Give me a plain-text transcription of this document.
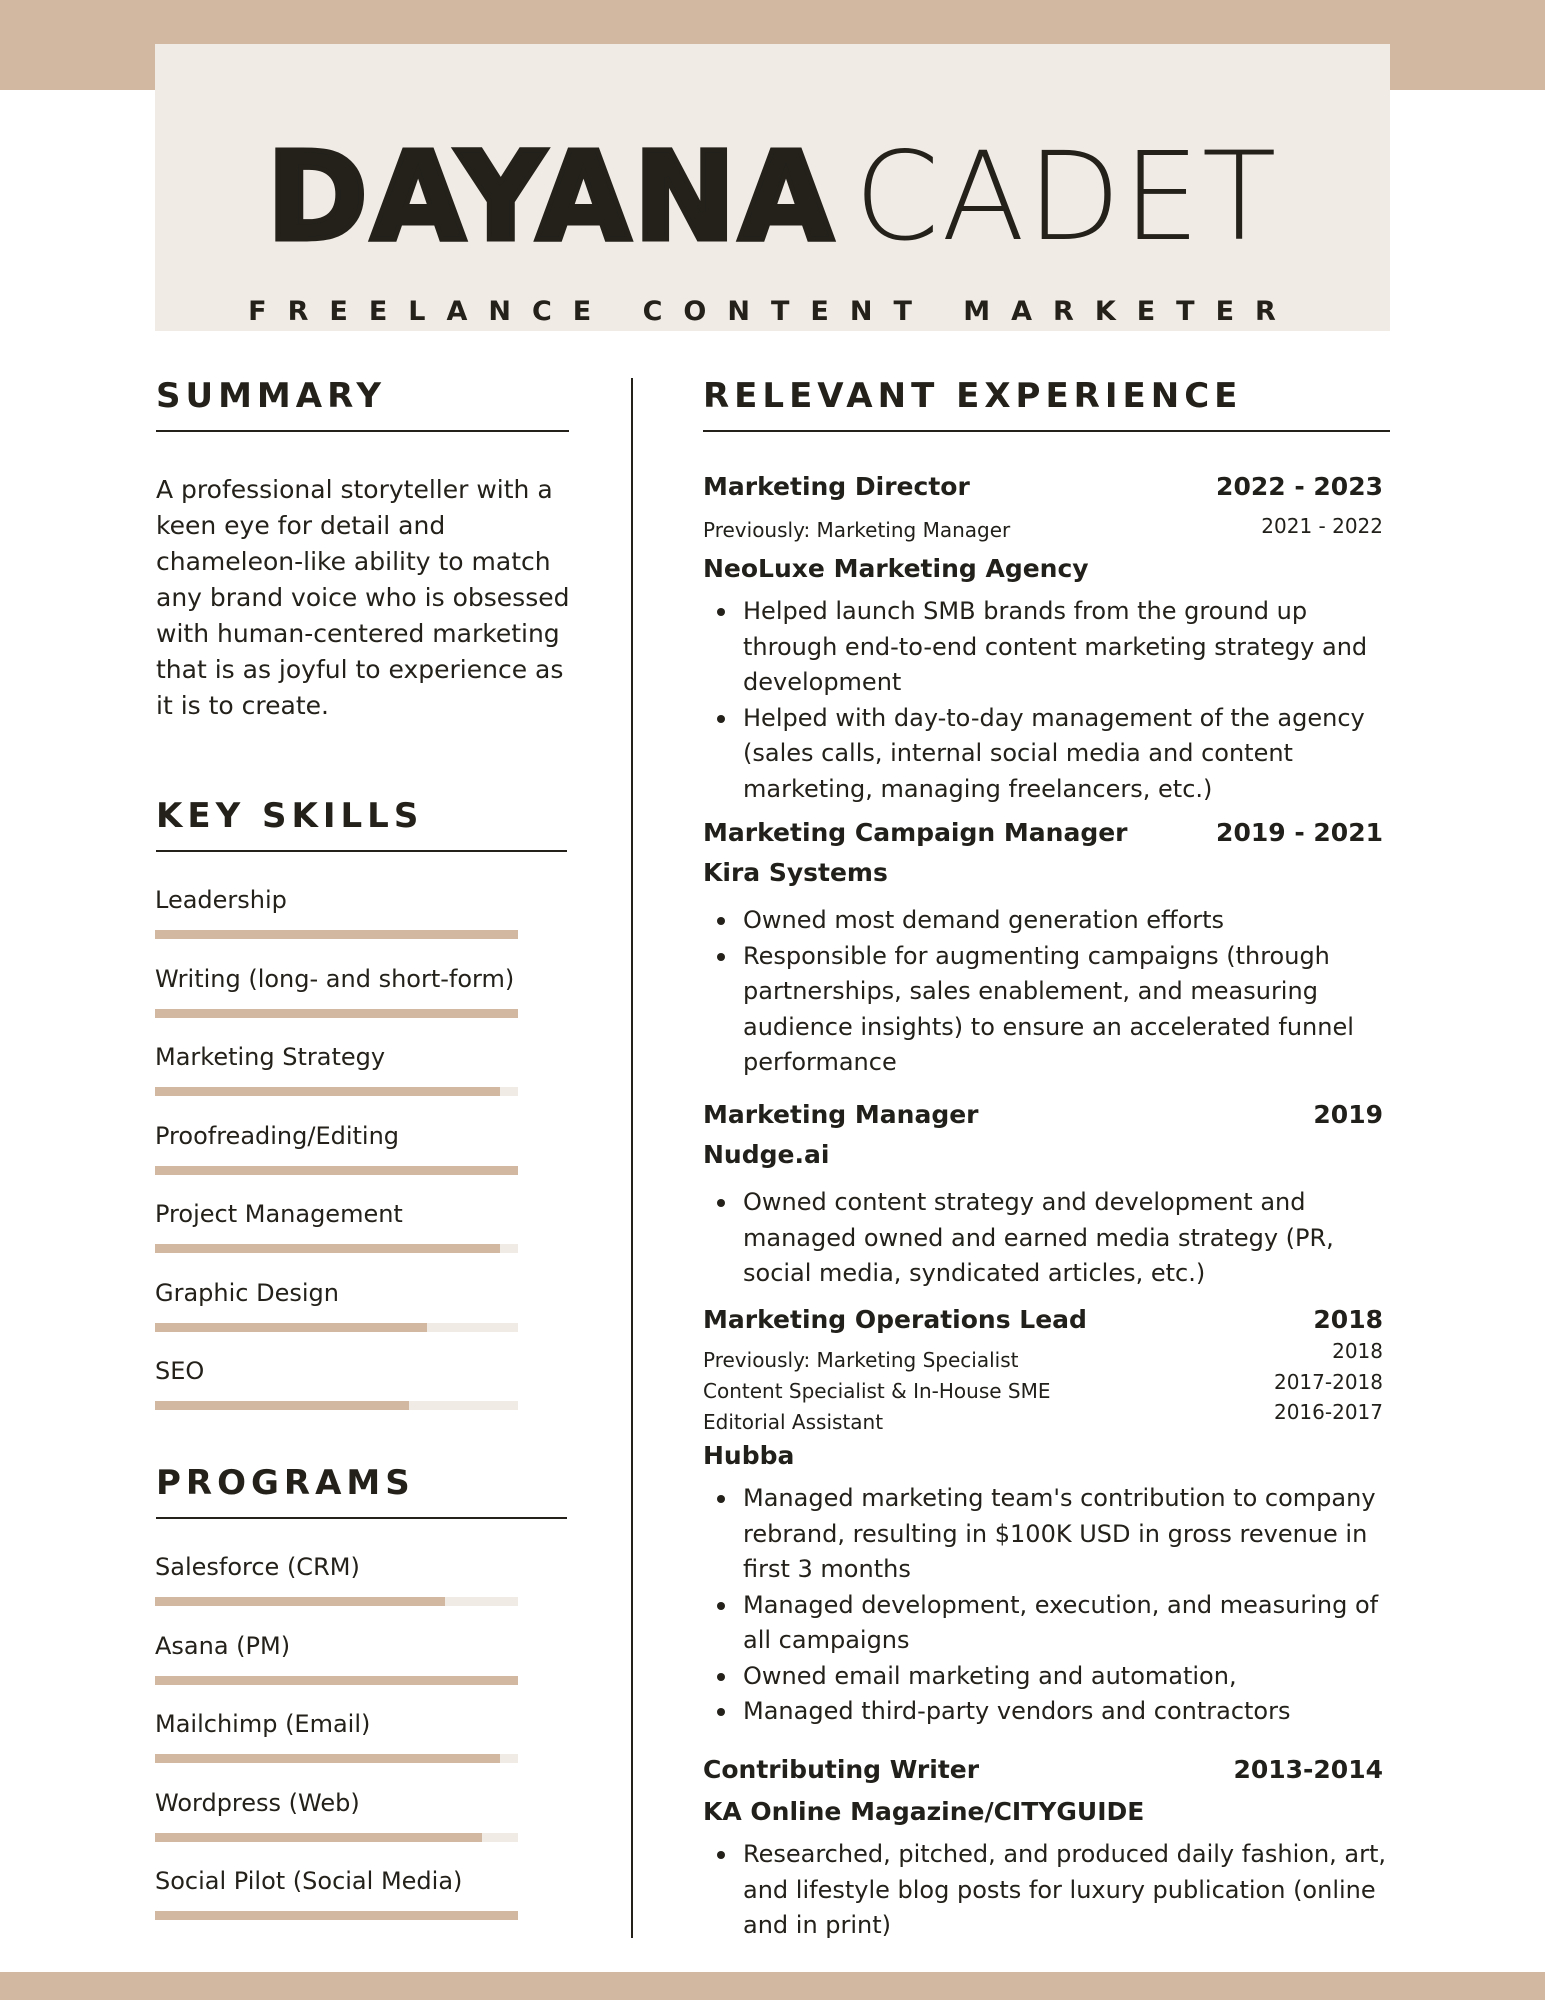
DAYANA CADET
FREELANCE CONTENT MARKETER
SUMMARY
A professional storyteller with a keen eye for detail and chameleon-like ability to match any brand voice who is obsessed with human-centered marketing that is as joyful to experience as it is to create.
KEY SKILLS
Leadership
Writing (long- and short-form)
Marketing Strategy
Proofreading/Editing
Project Management
Graphic Design
SEO
PROGRAMS
Salesforce (CRM)
Asana (PM)
Mailchimp (Email)
Wordpress (Web)
Social Pilot (Social Media)
RELEVANT EXPERIENCE
Marketing Director	2022 - 2023
Previously: Marketing Manager	2021 - 2022
NeoLuxe Marketing Agency
Helped launch SMB brands from the ground up through end-to-end content marketing strategy and development
Helped with day-to-day management of the agency (sales calls, internal social media and content marketing, managing freelancers, etc.)
Marketing Campaign Manager	2019 - 2021
Kira Systems
Owned most demand generation efforts
Responsible for augmenting campaigns (through partnerships, sales enablement, and measuring audience insights) to ensure an accelerated funnel performance
Marketing Manager	2019
Nudge.ai
Owned content strategy and development and managed owned and earned media strategy (PR, social media, syndicated articles, etc.)
Marketing Operations Lead	2018
Previously: Marketing Specialist	2018
Content Specialist & In-House SME	2017-2018
Editorial Assistant	2016-2017
Hubba
Managed marketing team's contribution to company rebrand, resulting in $100K USD in gross revenue in first 3 months
Managed development, execution, and measuring of all campaigns
Owned email marketing and automation,
Managed third-party vendors and contractors
Contributing Writer	2013-2014
KA Online Magazine/CITYGUIDE
Researched, pitched, and produced daily fashion, art, and lifestyle blog posts for luxury publication (online and in print)
